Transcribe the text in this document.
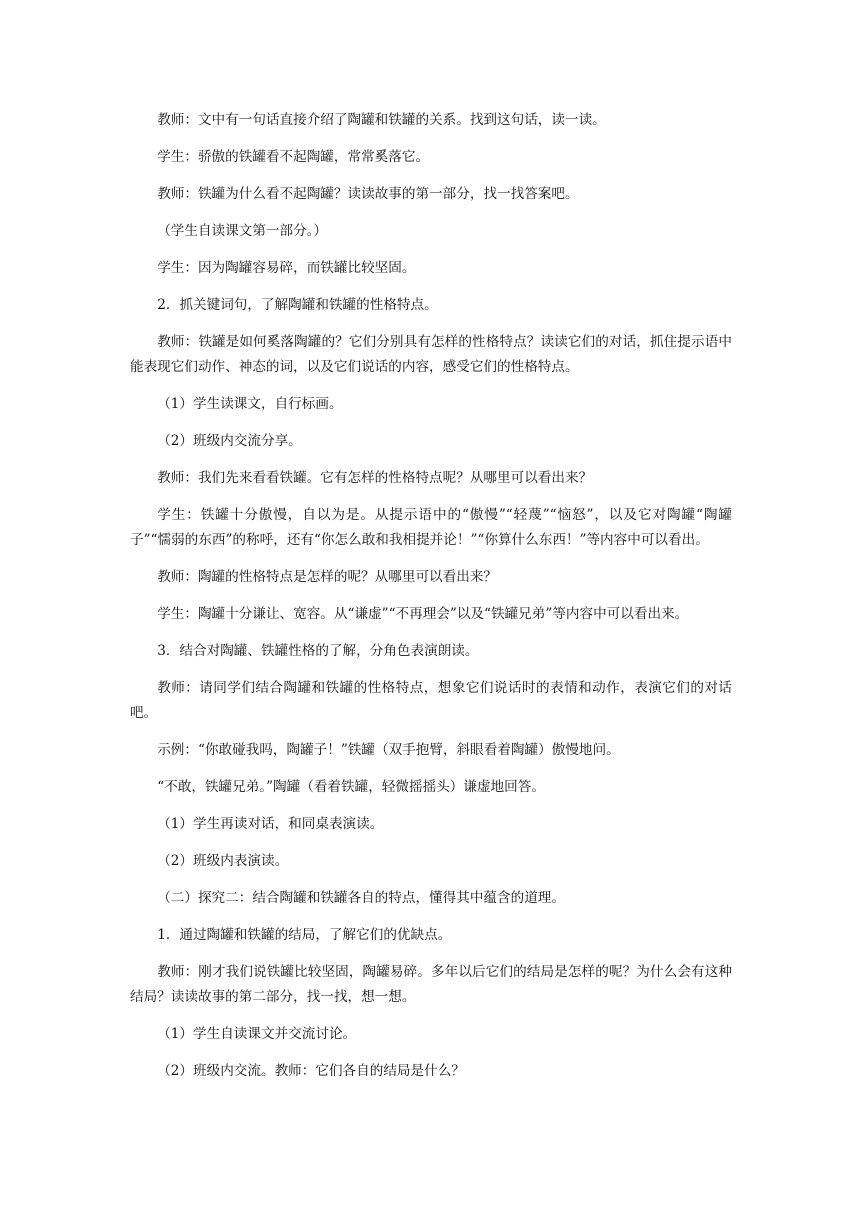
教师：文中有一句话直接介绍了陶罐和铁罐的关系。找到这句话，读一读。

学生：骄傲的铁罐看不起陶罐，常常奚落它。

教师：铁罐为什么看不起陶罐？读读故事的第一部分，找一找答案吧。

（学生自读课文第一部分。）

学生：因为陶罐容易碎，而铁罐比较坚固。

2．抓关键词句，了解陶罐和铁罐的性格特点。

教师：铁罐是如何奚落陶罐的？它们分别具有怎样的性格特点？读读它们的对话，抓住提示语中能表现它们动作、神态的词，以及它们说话的内容，感受它们的性格特点。

（1）学生读课文，自行标画。

（2）班级内交流分享。

教师：我们先来看看铁罐。它有怎样的性格特点呢？从哪里可以看出来？

学生：铁罐十分傲慢，自以为是。从提示语中的“傲慢”“轻蔑”“恼怒”，以及它对陶罐“陶罐子”“懦弱的东西”的称呼，还有“你怎么敢和我相提并论！”“你算什么东西！”等内容中可以看出。

教师：陶罐的性格特点是怎样的呢？从哪里可以看出来？

学生：陶罐十分谦让、宽容。从“谦虚”“不再理会”以及“铁罐兄弟”等内容中可以看出来。

3．结合对陶罐、铁罐性格的了解，分角色表演朗读。

教师：请同学们结合陶罐和铁罐的性格特点，想象它们说话时的表情和动作，表演它们的对话吧。

示例：“你敢碰我吗，陶罐子！”铁罐（双手抱臂，斜眼看着陶罐）傲慢地问。

“不敢，铁罐兄弟。”陶罐（看着铁罐，轻微摇摇头）谦虚地回答。

（1）学生再读对话，和同桌表演读。

（2）班级内表演读。

（二）探究二：结合陶罐和铁罐各自的特点，懂得其中蕴含的道理。

1．通过陶罐和铁罐的结局，了解它们的优缺点。

教师：刚才我们说铁罐比较坚固，陶罐易碎。多年以后它们的结局是怎样的呢？为什么会有这种结局？读读故事的第二部分，找一找，想一想。

（1）学生自读课文并交流讨论。

（2）班级内交流。教师：它们各自的结局是什么？
